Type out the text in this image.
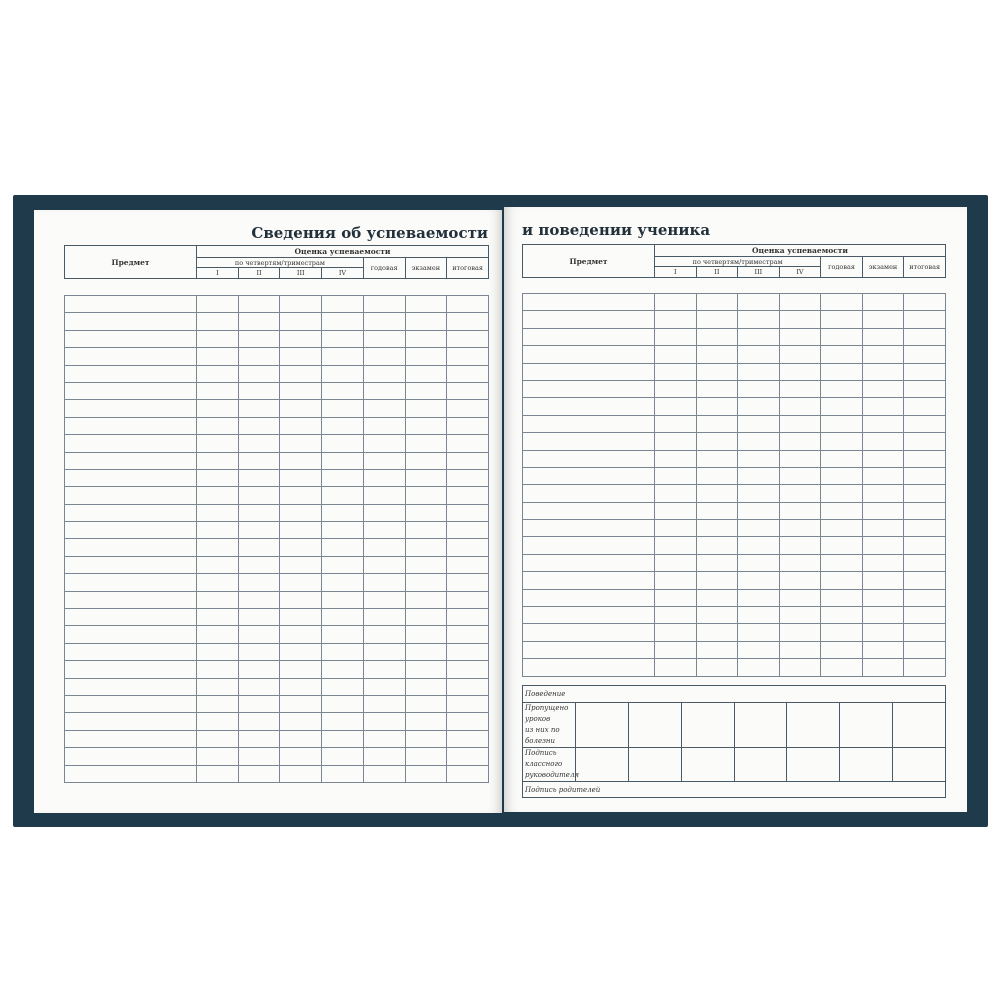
Сведения об успеваемости
Предмет	Оценка успеваемости						
	по четвертям/триместрам				годовая	экзамен	итоговая
	I	II	III	IV			

и поведении ученика
Предмет	Оценка успеваемости						
	по четвертям/триместрам				годовая	экзамен	итоговая
	I	II	III	IV			

Поведение							

Пропущено уроков
из них по болезни							

Подпись классного
руководителя							

Подпись родителей							
